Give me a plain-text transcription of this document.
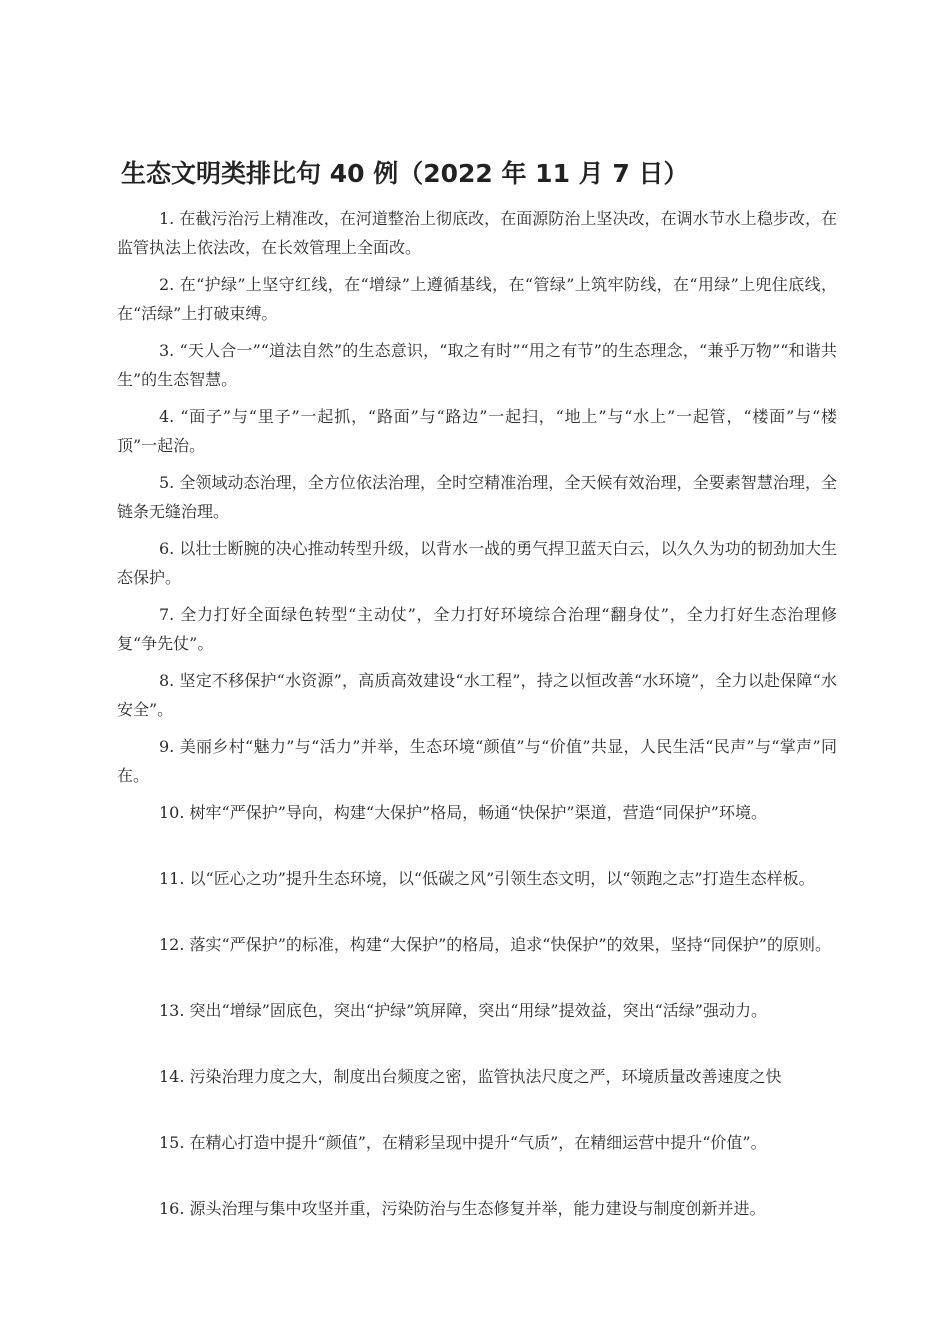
生态文明类排比句 40 例（2022 年 11 月 7 日）
1. 在截污治污上精准改，在河道整治上彻底改，在面源防治上坚决改，在调水节水上稳步改，在监管执法上依法改，在长效管理上全面改。
2. 在“护绿”上坚守红线，在“增绿”上遵循基线，在“管绿”上筑牢防线，在“用绿”上兜住底线，在“活绿”上打破束缚。
3. “天人合一”“道法自然”的生态意识，“取之有时”“用之有节”的生态理念，“兼乎万物”“和谐共生”的生态智慧。
4. “面子”与“里子”一起抓，“路面”与“路边”一起扫，“地上”与“水上”一起管，“楼面”与“楼顶”一起治。
5. 全领域动态治理，全方位依法治理，全时空精准治理，全天候有效治理，全要素智慧治理，全链条无缝治理。
6. 以壮士断腕的决心推动转型升级，以背水一战的勇气捍卫蓝天白云，以久久为功的韧劲加大生态保护。
7. 全力打好全面绿色转型“主动仗”，全力打好环境综合治理“翻身仗”，全力打好生态治理修复“争先仗”。
8. 坚定不移保护“水资源”，高质高效建设“水工程”，持之以恒改善“水环境”，全力以赴保障“水安全”。
9. 美丽乡村“魅力”与“活力”并举，生态环境“颜值”与“价值”共显，人民生活“民声”与“掌声”同在。
10. 树牢“严保护”导向，构建“大保护”格局，畅通“快保护”渠道，营造“同保护”环境。
11. 以“匠心之功”提升生态环境，以“低碳之风”引领生态文明，以“领跑之志”打造生态样板。
12. 落实“严保护”的标准，构建“大保护”的格局，追求“快保护”的效果，坚持“同保护”的原则。
13. 突出“增绿”固底色，突出“护绿”筑屏障，突出“用绿”提效益，突出“活绿”强动力。
14. 污染治理力度之大，制度出台频度之密，监管执法尺度之严，环境质量改善速度之快
15. 在精心打造中提升“颜值”，在精彩呈现中提升“气质”，在精细运营中提升“价值”。
16. 源头治理与集中攻坚并重，污染防治与生态修复并举，能力建设与制度创新并进。
